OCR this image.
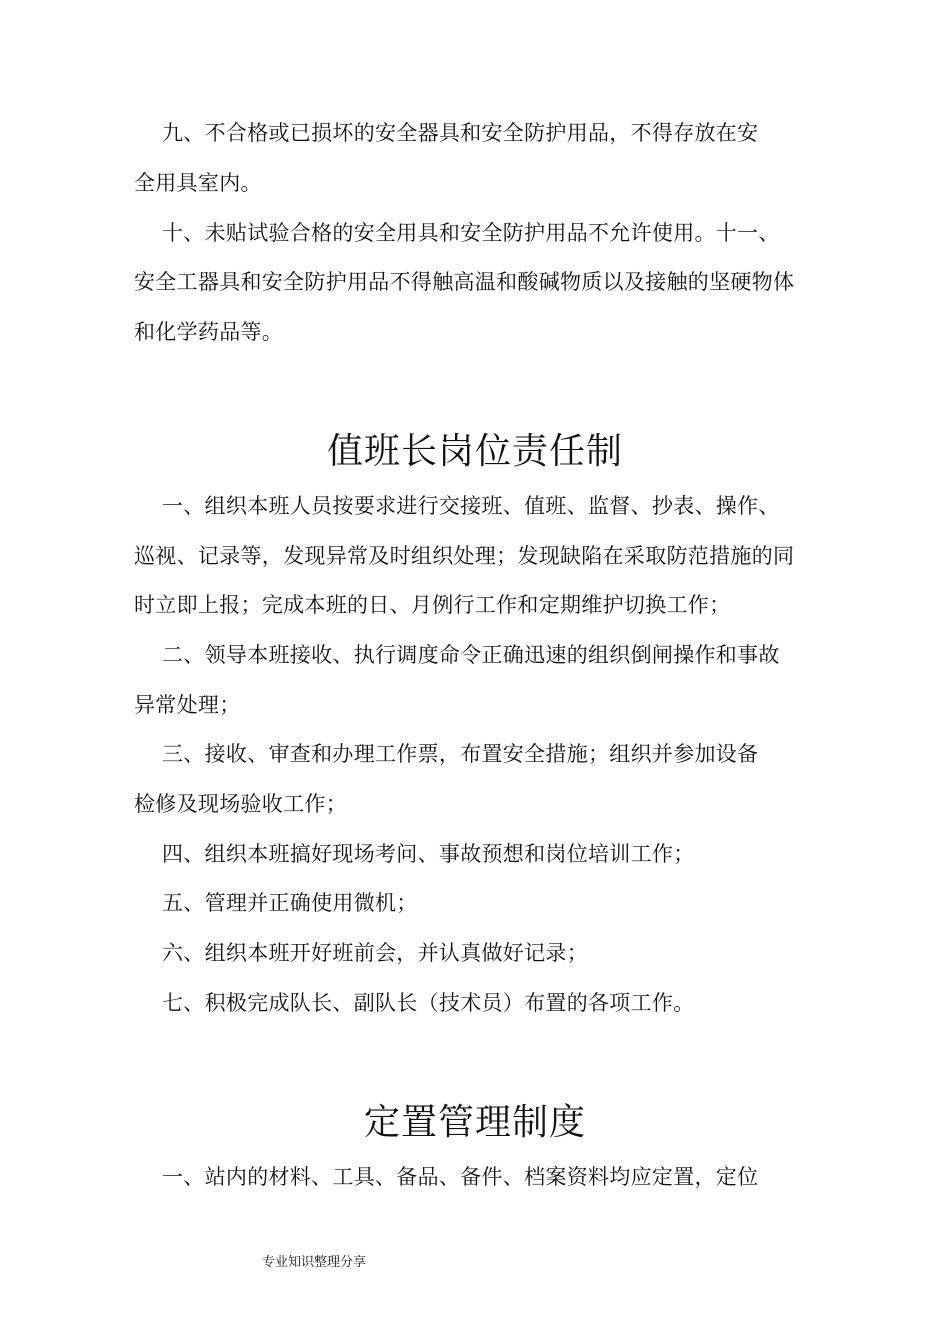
九、不合格或已损坏的安全器具和安全防护用品，不得存放在安
全用具室内。
十、未贴试验合格的安全用具和安全防护用品不允许使用。十一、
安全工器具和安全防护用品不得触高温和酸碱物质以及接触的坚硬物体
和化学药品等。
值班长岗位责任制
一、组织本班人员按要求进行交接班、值班、监督、抄表、操作、
巡视、记录等，发现异常及时组织处理；发现缺陷在采取防范措施的同
时立即上报；完成本班的日、月例行工作和定期维护切换工作；
二、领导本班接收、执行调度命令正确迅速的组织倒闸操作和事故
异常处理；
三、接收、审查和办理工作票，布置安全措施；组织并参加设备
检修及现场验收工作；
四、组织本班搞好现场考问、事故预想和岗位培训工作；
五、管理并正确使用微机；
六、组织本班开好班前会，并认真做好记录；
七、积极完成队长、副队长（技术员）布置的各项工作。
定置管理制度
一、站内的材料、工具、备品、备件、档案资料均应定置，定位
专业知识整理分享
